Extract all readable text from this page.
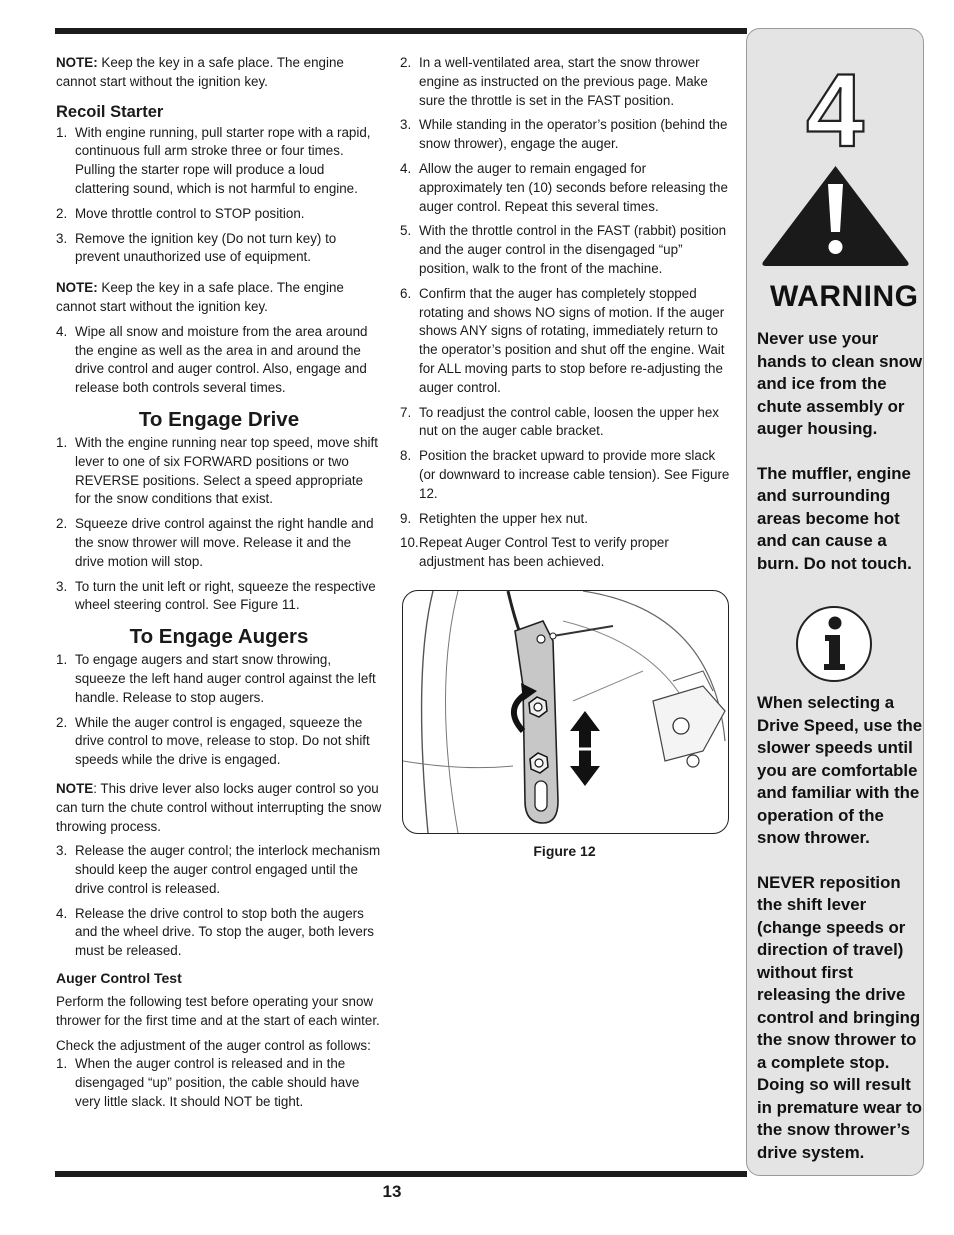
NOTE: Keep the key in a safe place. The engine cannot start without the ignition key.

Recoil Starter
1. With engine running, pull starter rope with a rapid, continuous full arm stroke three or four times. Pulling the starter rope will produce a loud clattering sound, which is not harmful to engine.
2. Move throttle control to STOP position.
3. Remove the ignition key (Do not turn key) to prevent unauthorized use of equipment.

NOTE: Keep the key in a safe place. The engine cannot start without the ignition key.

4. Wipe all snow and moisture from the area around the engine as well as the area in and around the drive control and auger control. Also, engage and release both controls several times.
To Engage Drive
1. With the engine running near top speed, move shift lever to one of six FORWARD positions or two REVERSE positions. Select a speed appropriate for the snow conditions that exist.
2. Squeeze drive control against the right handle and the snow thrower will move. Release it and the drive motion will stop.
3. To turn the unit left or right, squeeze the respective wheel steering control. See Figure 11.
To Engage Augers
1. To engage augers and start snow throwing, squeeze the left hand auger control against the left handle. Release to stop augers.
2. While the auger control is engaged, squeeze the drive control to move, release to stop. Do not shift speeds while the drive is engaged.

NOTE: This drive lever also locks auger control so you can turn the chute control without interrupting the snow throwing process.

3. Release the auger control; the interlock mechanism should keep the auger control engaged until the drive control is released.
4. Release the drive control to stop both the augers and the wheel drive. To stop the auger, both levers must be released.
Auger Control Test

Perform the following test before operating your snow thrower for the first time and at the start of each winter.

Check the adjustment of the auger control as follows:

1. When the auger control is released and in the disengaged “up” position, the cable should have very little slack. It should NOT be tight.
2. In a well-ventilated area, start the snow thrower engine as instructed on the previous page. Make sure the throttle is set in the FAST position.
3. While standing in the operator’s position (behind the snow thrower), engage the auger.
4. Allow the auger to remain engaged for approximately ten (10) seconds before releasing the auger control. Repeat this several times.
5. With the throttle control in the FAST (rabbit) position and the auger control in the disengaged “up” position, walk to the front of the machine.
6. Confirm that the auger has completely stopped rotating and shows NO signs of motion. If the auger shows ANY signs of rotating, immediately return to the operator’s position and shut off the engine. Wait for ALL moving parts to stop before re-adjusting the auger control.
7. To readjust the control cable, loosen the upper hex nut on the auger cable bracket.
8. Position the bracket upward to provide more slack (or downward to increase cable tension). See Figure 12.
9. Retighten the upper hex nut.
10. Repeat Auger Control Test to verify proper adjustment has been achieved.
Figure 12
4
WARNING

Never use your hands to clean snow and ice from the chute assembly or auger housing.

The muffler, engine and surrounding areas become hot and can cause a burn. Do not touch.

When selecting a Drive Speed, use the slower speeds until you are comfortable and familiar with the operation of the snow thrower.

NEVER reposition the shift lever (change speeds or direction of travel) without first releasing the drive control and bringing the snow thrower to a complete stop. Doing so will result in premature wear to the snow thrower’s drive system.

13
